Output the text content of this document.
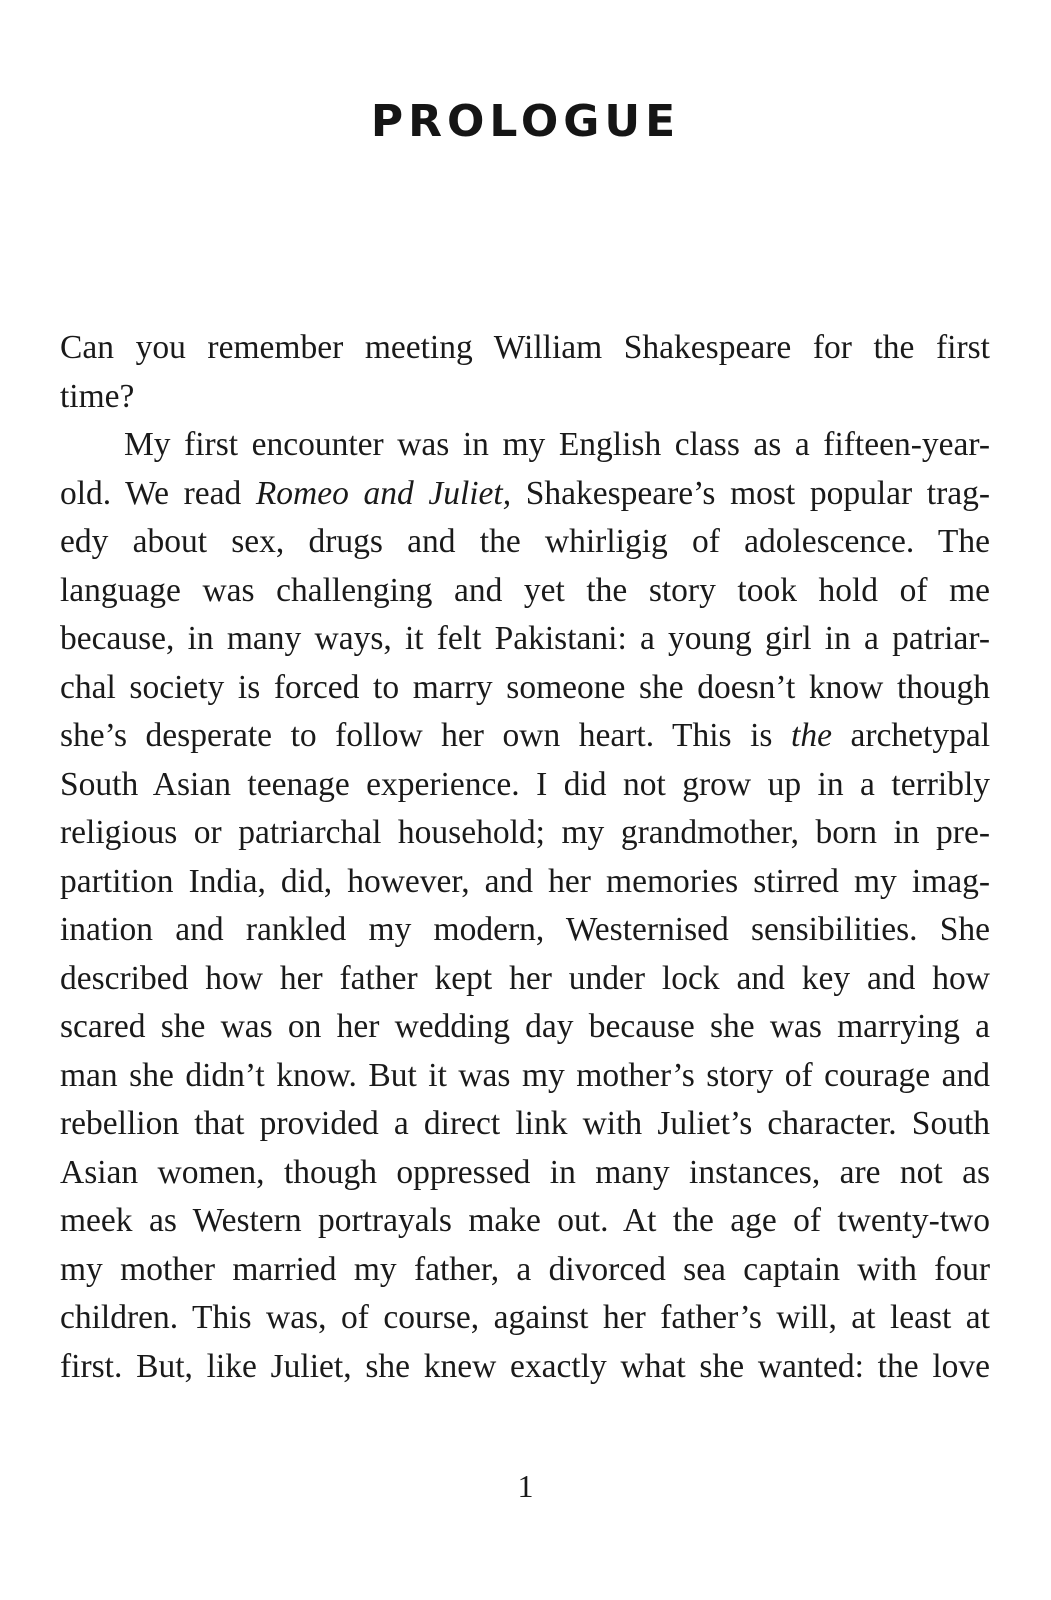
PROLOGUE
Can you remember meeting William Shakespeare for the first
time?
My first encounter was in my English class as a fifteen-year-
old. We read Romeo and Juliet, Shakespeare’s most popular trag-
edy about sex, drugs and the whirligig of adolescence. The
language was challenging and yet the story took hold of me
because, in many ways, it felt Pakistani: a young girl in a patriar-
chal society is forced to marry someone she doesn’t know though
she’s desperate to follow her own heart. This is the archetypal
South Asian teenage experience. I did not grow up in a terribly
religious or patriarchal household; my grandmother, born in pre-
partition India, did, however, and her memories stirred my imag-
ination and rankled my modern, Westernised sensibilities. She
described how her father kept her under lock and key and how
scared she was on her wedding day because she was marrying a
man she didn’t know. But it was my mother’s story of courage and
rebellion that provided a direct link with Juliet’s character. South
Asian women, though oppressed in many instances, are not as
meek as Western portrayals make out. At the age of twenty-two
my mother married my father, a divorced sea captain with four
children. This was, of course, against her father’s will, at least at
first. But, like Juliet, she knew exactly what she wanted: the love
1
